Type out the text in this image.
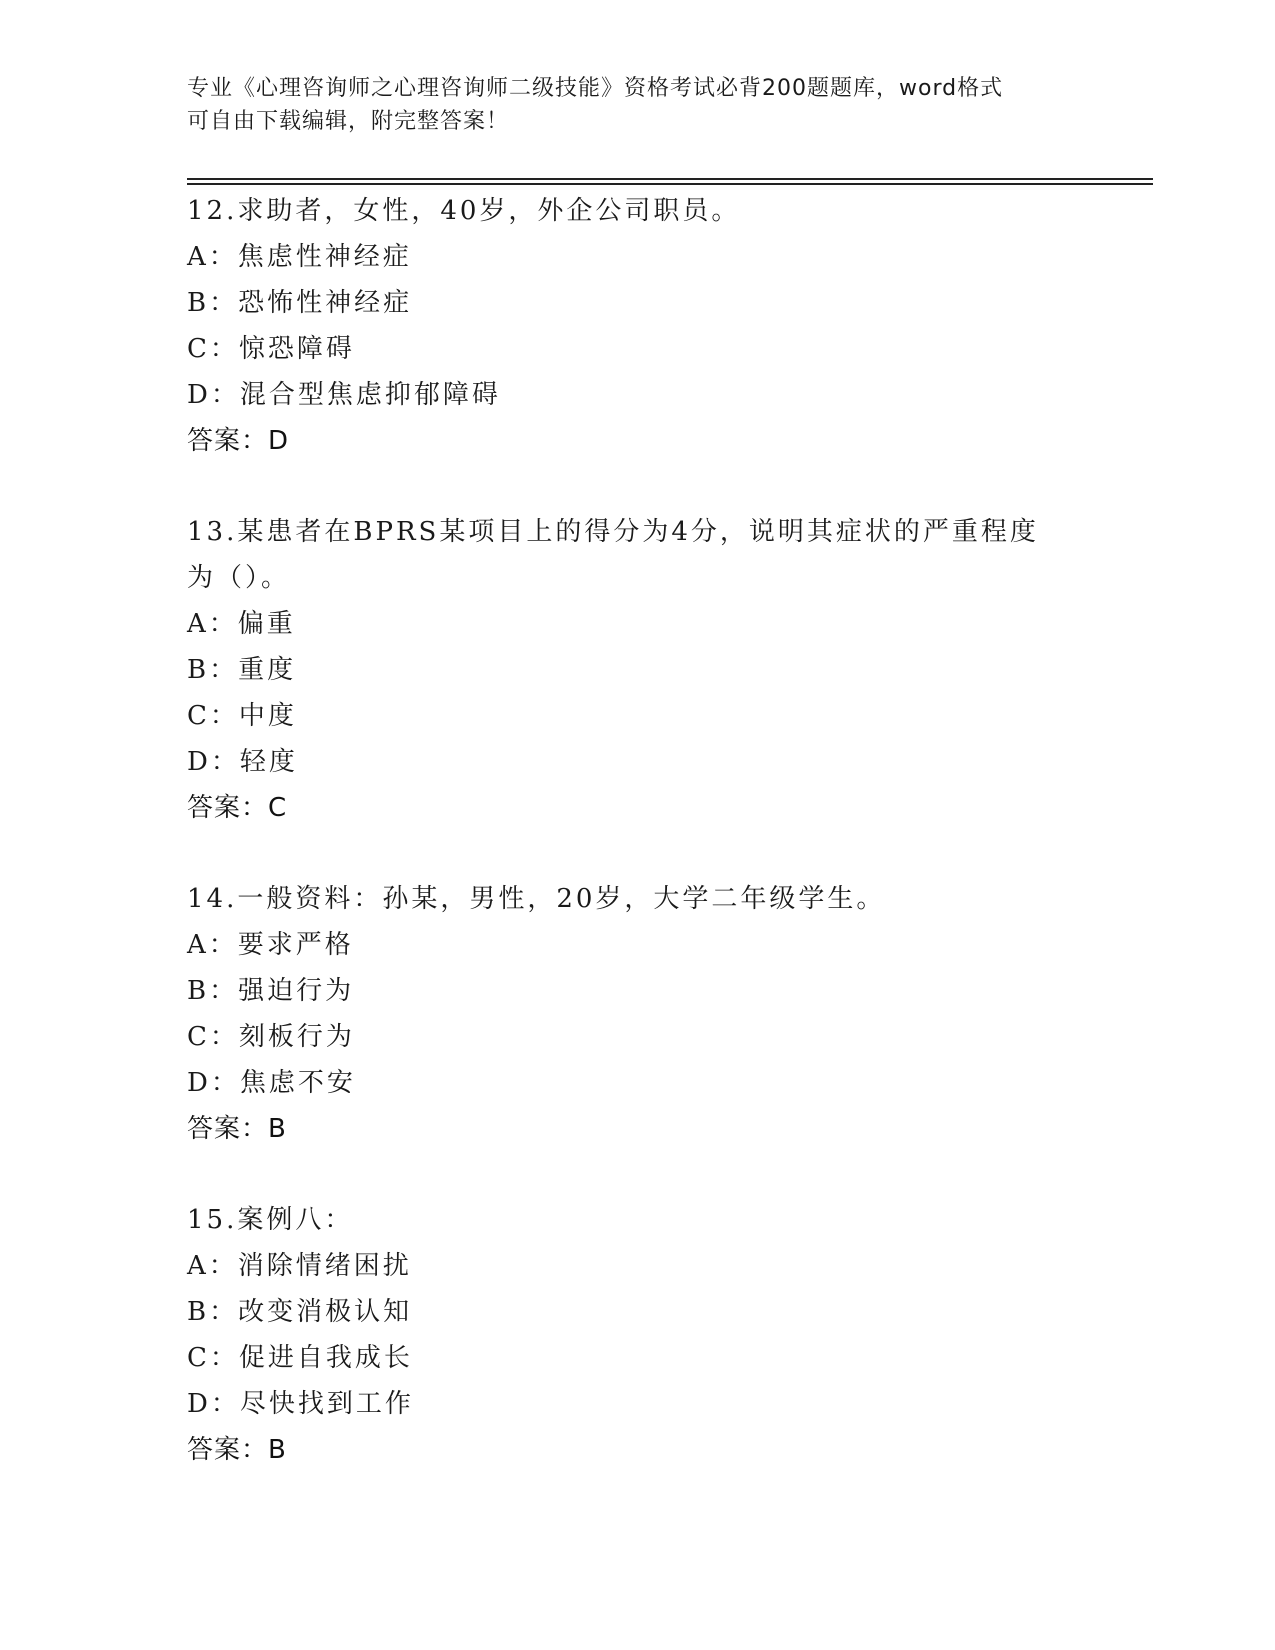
专业《心理咨询师之心理咨询师二级技能》资格考试必背200题题库，word格式
可自由下载编辑，附完整答案！
12.求助者，女性，40岁，外企公司职员。
A：焦虑性神经症
B：恐怖性神经症
C：惊恐障碍
D：混合型焦虑抑郁障碍
答案：D
13.某患者在BPRS某项目上的得分为4分，说明其症状的严重程度为（）。
A：偏重
B：重度
C：中度
D：轻度
答案：C
14.一般资料：孙某，男性，20岁，大学二年级学生。
A：要求严格
B：强迫行为
C：刻板行为
D：焦虑不安
答案：B
15.案例八：
A：消除情绪困扰
B：改变消极认知
C：促进自我成长
D：尽快找到工作
答案：B
